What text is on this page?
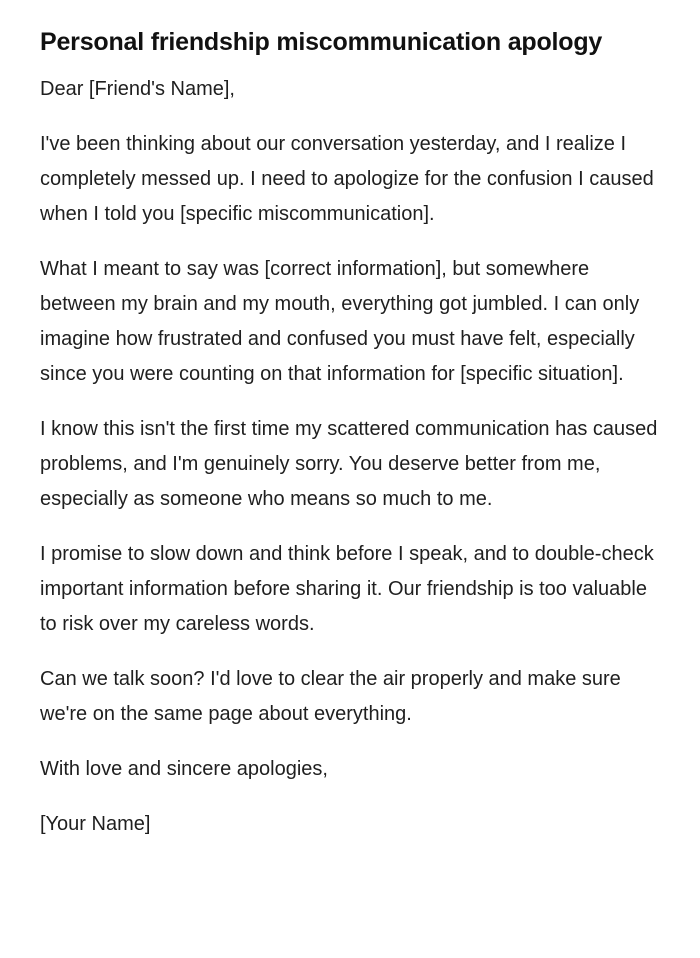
Personal friendship miscommunication apology

Dear [Friend's Name],

I've been thinking about our conversation yesterday, and I realize I completely messed up. I need to apologize for the confusion I caused when I told you [specific miscommunication].

What I meant to say was [correct information], but somewhere between my brain and my mouth, everything got jumbled. I can only imagine how frustrated and confused you must have felt, especially since you were counting on that information for [specific situation].

I know this isn't the first time my scattered communication has caused problems, and I'm genuinely sorry. You deserve better from me, especially as someone who means so much to me.

I promise to slow down and think before I speak, and to double-check important information before sharing it. Our friendship is too valuable to risk over my careless words.

Can we talk soon? I'd love to clear the air properly and make sure we're on the same page about everything.

With love and sincere apologies,

[Your Name]
